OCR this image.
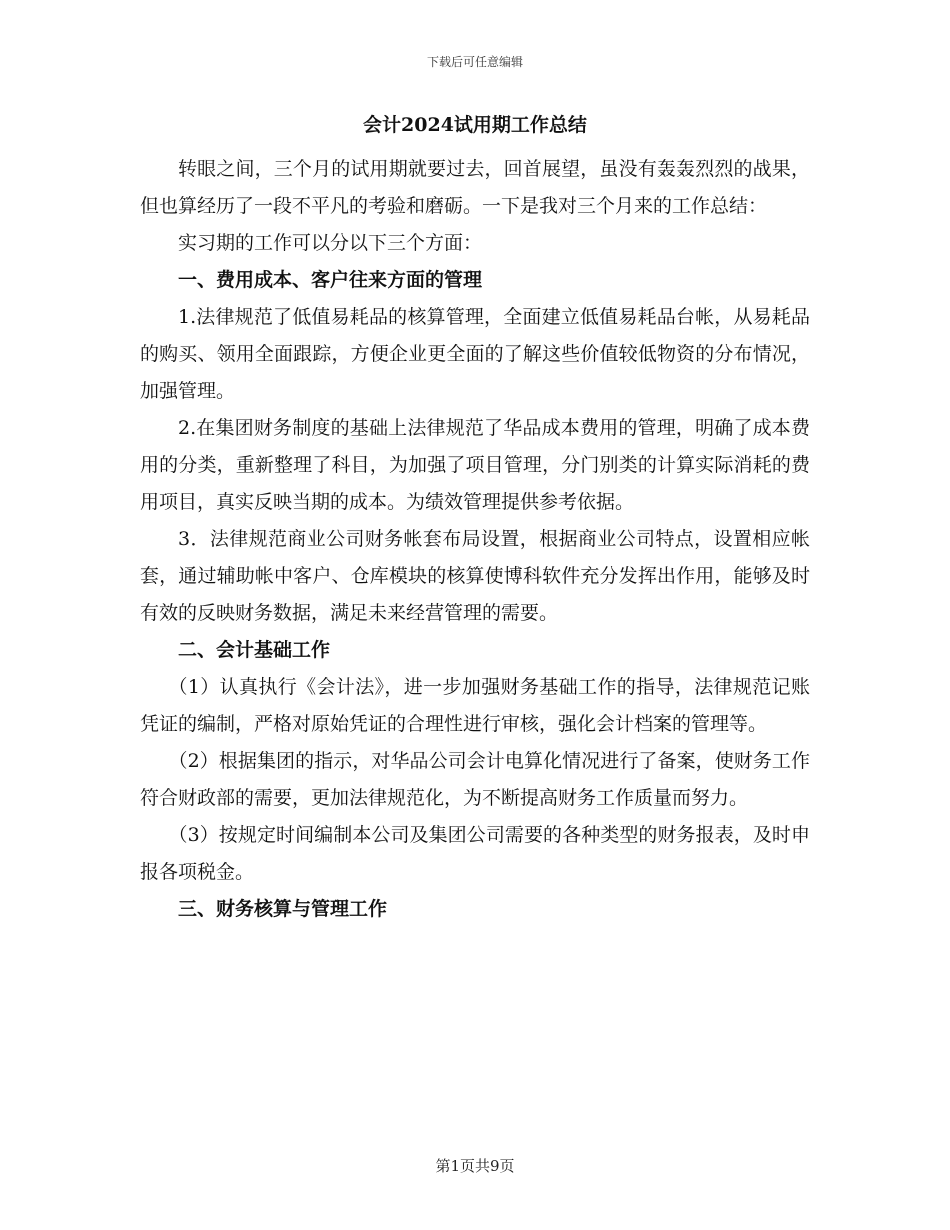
下载后可任意编辑
会计2024试用期工作总结

转眼之间，三个月的试用期就要过去，回首展望，虽没有轰轰烈烈的战果，但也算经历了一段不平凡的考验和磨砺。一下是我对三个月来的工作总结：

实习期的工作可以分以下三个方面：

一、费用成本、客户往来方面的管理

1.法律规范了低值易耗品的核算管理，全面建立低值易耗品台帐，从易耗品的购买、领用全面跟踪，方便企业更全面的了解这些价值较低物资的分布情况，加强管理。

2.在集团财务制度的基础上法律规范了华品成本费用的管理，明确了成本费用的分类，重新整理了科目，为加强了项目管理，分门别类的计算实际消耗的费用项目，真实反映当期的成本。为绩效管理提供参考依据。

3．法律规范商业公司财务帐套布局设置，根据商业公司特点，设置相应帐套，通过辅助帐中客户、仓库模块的核算使博科软件充分发挥出作用，能够及时有效的反映财务数据，满足未来经营管理的需要。

二、会计基础工作

（1）认真执行《会计法》，进一步加强财务基础工作的指导，法律规范记账凭证的编制，严格对原始凭证的合理性进行审核，强化会计档案的管理等。

（2）根据集团的指示，对华品公司会计电算化情况进行了备案，使财务工作符合财政部的需要，更加法律规范化，为不断提高财务工作质量而努力。

（3）按规定时间编制本公司及集团公司需要的各种类型的财务报表，及时申报各项税金。

三、财务核算与管理工作

第1页共9页
